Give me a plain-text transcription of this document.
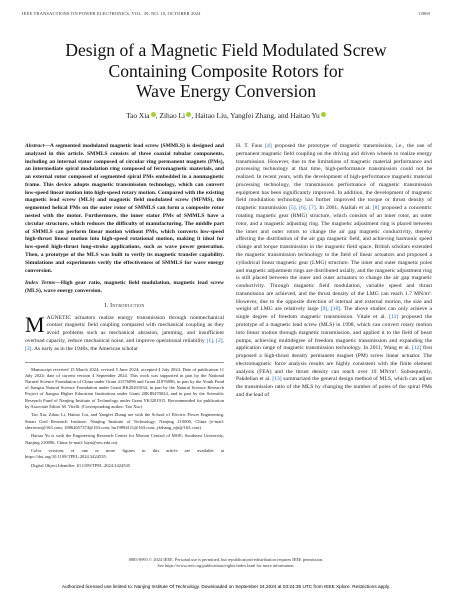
IEEE TRANSACTIONS ON POWER ELECTRONICS, VOL. 39, NO. 10, OCTOBER 2024	13869
Design of a Magnetic Field Modulated Screw
Containing Composite Rotors for
Wave Energy Conversion
Tao Xia , Zihao Li , Haitao Liu, Yangfei Zhang, and Haitao Yu

Abstract—A segmented modulated magnetic lead screw (SMMLS) is designed and analyzed in this article. SMMLS consists of three coaxial tubular components, including an internal stator composed of circular ring permanent magnets (PMs), an intermediate spiral modulation ring composed of ferromagnetic materials, and an external rotor composed of segmented spiral PMs embedded in a nonmagnetic frame. This device adopts magnetic transmission technology, which can convert low-speed linear motion into high-speed rotary motion. Compared with the existing magnetic lead screw (MLS) and magnetic field modulated screw (MFMS), the segmented helical PMs on the outer rotor of SMMLS can form a composite rotor nested with the motor. Furthermore, the inner stator PMs of SMMLS have a circular structure, which reduces the difficulty of manufacturing. The middle part of SMMLS can perform linear motion without PMs, which converts low-speed high-thrust linear motion into high-speed rotational motion, making it ideal for low-speed high-thrust long-stroke applications, such as wave power generation. Then, a prototype of the MLS was built to verify its magnetic transfer capability. Simulations and experiments verify the effectiveness of SMMLS for wave energy conversion.

Index Terms—High gear ratio, magnetic field modulation, magnetic lead screw (MLS), wave energy conversion.

I. Introduction

MAGNETIC actuators realize energy transmission through nonmechanical contact magnetic field coupling compared with mechanical coupling as they avoid problems such as mechanical abrasion, jamming, and insufficient overload capacity, reduce mechanical noise, and improve operational reliability [1], [2], [3]. As early as in the 1940s, the American scholar

Manuscript received 15 March 2024; revised 5 June 2024; accepted 4 July 2024. Date of publication 11 July 2024; date of current version 4 September 2024. This work was supported in part by the National Natural Science Foundation of China under Grant 41576096 and Grant 41876096, in part by the Youth Fund of Jiangsu Natural Science Foundation under Grant BK20201034, in part by the Natural Science Research Project of Jiangsu Higher Education Institutions under Grant 20KJB470024, and in part by the Scientific Research Fund of Nanjing Institute of Technology under Grant YKJ201915. Recommended for publication by Associate Editor M. Vitelli. (Corresponding author: Tao Xia.)

Tao Xia, Zihao Li, Haitao Liu, and Yangfei Zhang are with the School of Electric Power Engineering, Smart Grid Research Institute, Nanjing Institute of Technology, Nanjing 210000, China (e-mail: shertown@163.com; 18862657374@163.com; lm19894111@163.com; yfzhang_njit@163.com).

Haitao Yu is with the Engineering Research Center for Motion Control of MOE, Southeast University, Nanjing 210096, China (e-mail: htyu@seu.edu.cn).

Color versions of one or more figures in this article are available at https://doi.org/10.1109/TPEL.2024.3424535.

Digital Object Identifier 10.1109/TPEL.2024.3424535

H. T. Faus [4] proposed the prototype of magnetic transmission, i.e., the use of permanent magnetic field coupling on the driving and driven wheels to realize energy transmission. However, due to the limitations of magnetic material performance and processing technology at that time, high-performance transmission could not be realized. In recent years, with the development of high-performance magnetic material processing technology, the transmission performance of magnetic transmission equipment has been significantly improved. In addition, the development of magnetic field modulation technology has further improved the torque or thrust density of magnetic transmission [5], [6], [7]. In 2001, Atallah et al. [8] proposed a concentric rotating magnetic gear (RMG) structure, which consists of an inner rotor, an outer rotor, and a magnetic adjusting ring. The magnetic adjustment ring is placed between the inner and outer rotors to change the air gap magnetic conductivity, thereby affecting the distribution of the air gap magnetic field, and achieving harmonic speed change and torque transmission in the magnetic field space. British scholars extended the magnetic transmission technology to the field of linear actuators and proposed a cylindrical linear magnetic gear (LMG) structure. The inner and outer magnetic poles and magnetic adjustment rings are distributed axially, and the magnetic adjustment ring is still placed between the inner and outer actuators to change the air gap magnetic conductivity. Through magnetic field modulation, variable speed and thrust transmission are achieved, and the thrust density of the LMG can reach 1.7 MN/m³. However, due to the opposite direction of internal and external motion, the size and weight of LMG are relatively large [9], [10]. The above studies can only achieve a single degree of freedom magnetic transmission. Vitale et al. [11] proposed the prototype of a magnetic lead screw (MLS) in 1998, which can convert rotary motion into linear motion through magnetic transmission, and applied it to the field of heart pumps, achieving multidegree of freedom magnetic transmission and expanding the application range of magnetic transmission technology. In 2011, Wang et al. [12] first proposed a high-thrust density permanent magnet (PM) screw linear actuator. The electromagnetic force analysis results are highly consistent with the finite element analysis (FEA) and the thrust density can reach over 10 MN/m³. Subsequently, Pakdelian et al. [13] summarized the general design method of MLS, which can adjust the transmission ratio of the MLS by changing the number of poles of the spiral PMs and the lead of

0885-8993 © 2024 IEEE. Personal use is permitted, but republication/redistribution requires IEEE permission.
See https://www.ieee.org/publications/rights/index.html for more information.
Authorized licensed use limited to: Nanjing Institute Of Technology. Downloaded on September 24,2024 at 03:24:35 UTC from IEEE Xplore. Restrictions apply.
